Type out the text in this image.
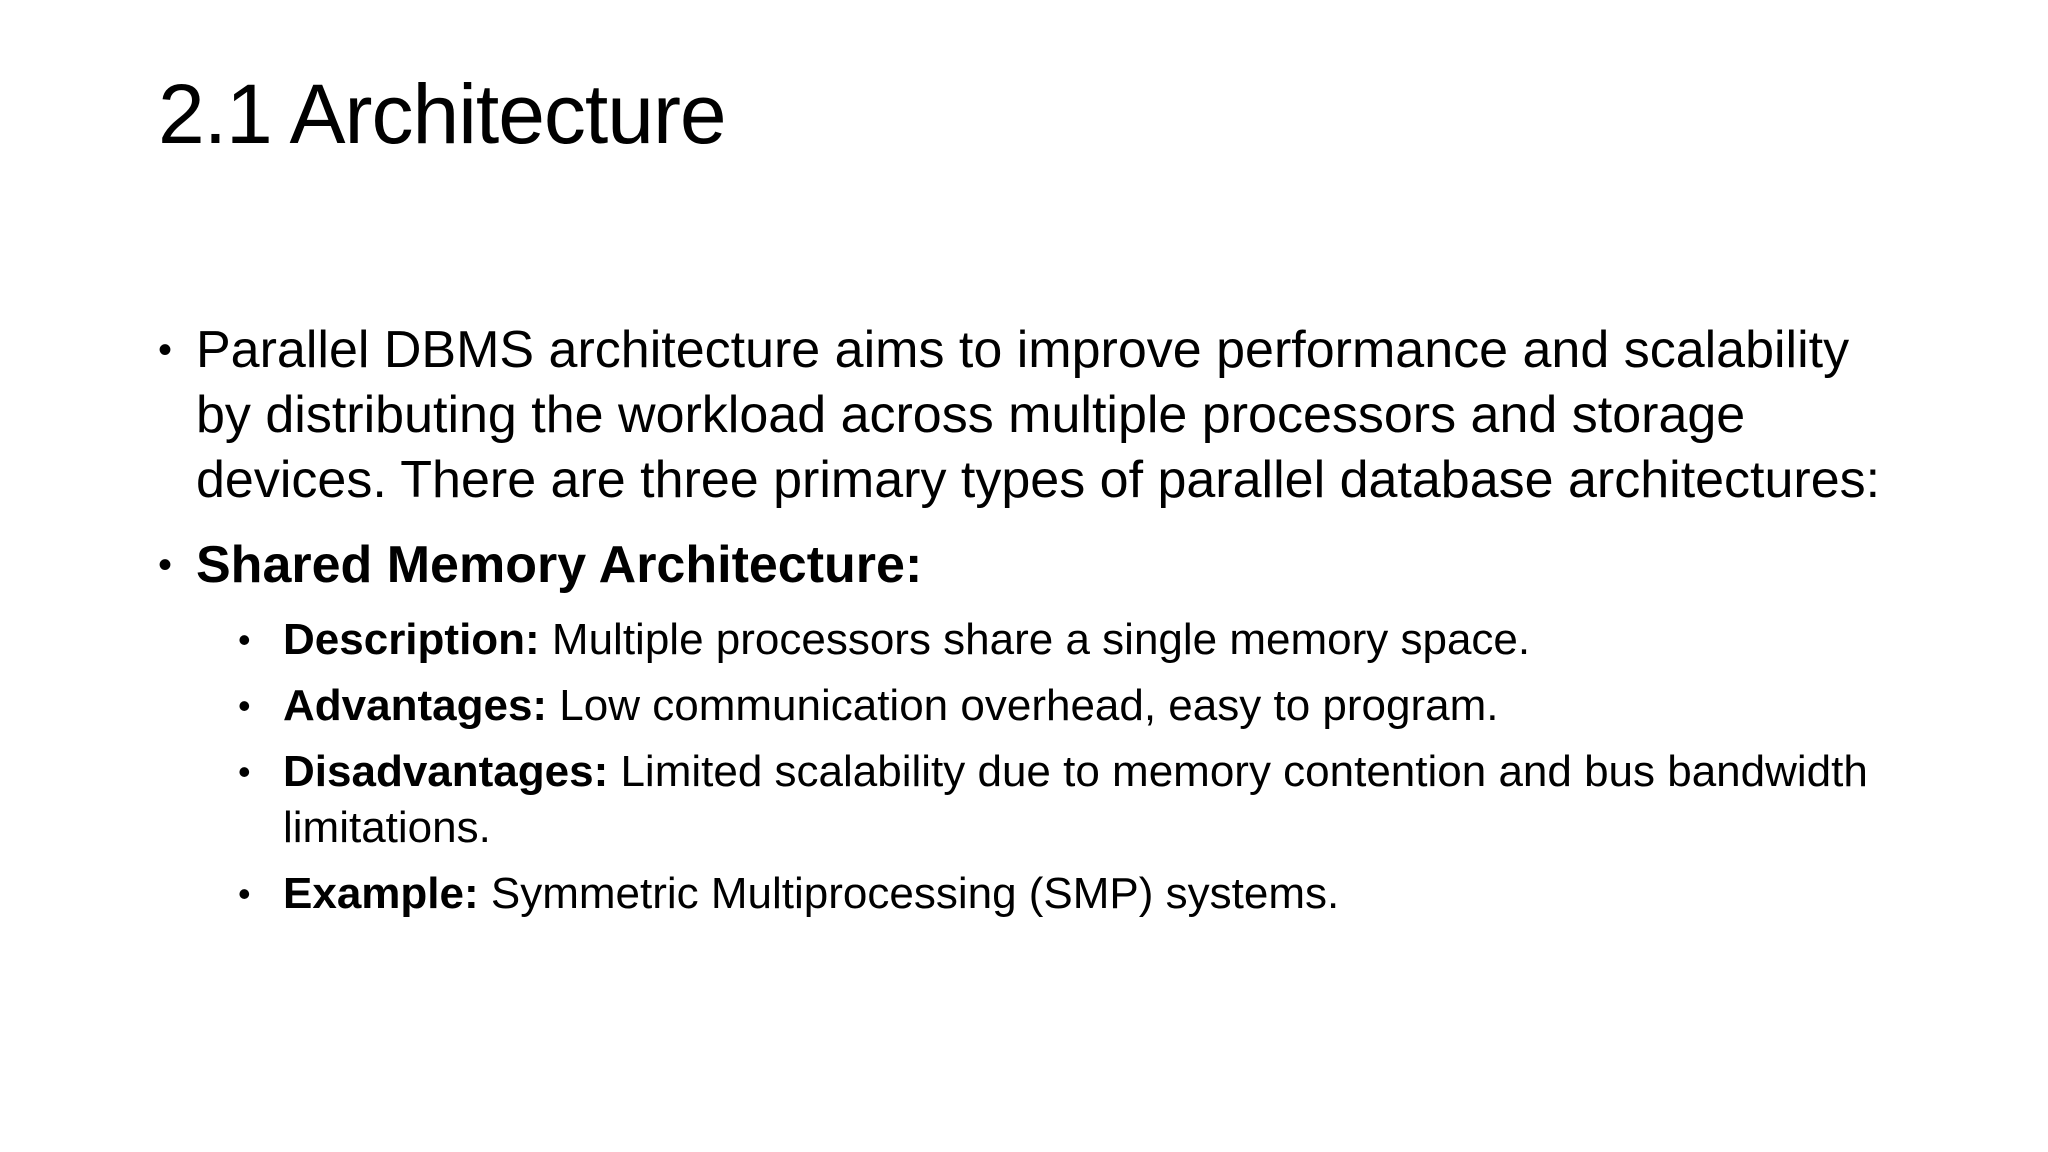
2.1 Architecture

• Parallel DBMS architecture aims to improve performance and scalability by distributing the workload across multiple processors and storage devices. There are three primary types of parallel database architectures:

• Shared Memory Architecture:

• Description: Multiple processors share a single memory space.
• Advantages: Low communication overhead, easy to program.
• Disadvantages: Limited scalability due to memory contention and bus bandwidth limitations.
• Example: Symmetric Multiprocessing (SMP) systems.
